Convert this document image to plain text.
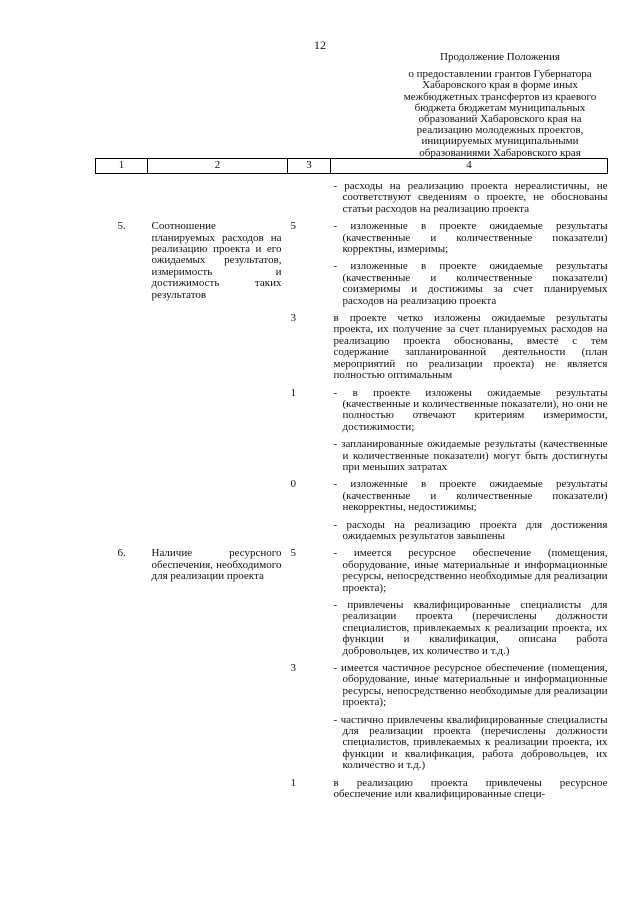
12
Продолжение Положения
о предоставлении грантов Губернатора
Хабаровского края в форме иных
межбюджетных трансфертов из краевого
бюджета бюджетам муниципальных
образований Хабаровского края на
реализацию молодежных проектов,
инициируемых муниципальными
образованиями Хабаровского края
1	2	3	4

			- расходы на реализацию проекта нереалистичны, не соответствуют сведениям о проекте, не обоснованы статьи расходов на реализацию проекта

5.	Соотношение планируемых расходов на реализацию проекта и его ожидаемых результатов, измеримость и достижимость таких результатов	5	- изложенные в проекте ожидаемые результаты (качественные и количественные показатели) корректны, измеримы;
- изложенные в проекте ожидаемые результаты (качественные и количественные показатели) соизмеримы и достижимы за счет планируемых расходов на реализацию проекта

		3	в проекте четко изложены ожидаемые результаты проекта, их получение за счет планируемых расходов на реализацию проекта обоснованы, вместе с тем содержание запланированной деятельности (план мероприятий по реализации проекта) не является полностью оптимальным

		1	- в проекте изложены ожидаемые результаты (качественные и количественные показатели), но они не полностью отвечают критериям измеримости, достижимости;
- запланированные ожидаемые результаты (качественные и количественные показатели) могут быть достигнуты при меньших затратах

		0	- изложенные в проекте ожидаемые результаты (качественные и количественные показатели) некорректны, недостижимы;
- расходы на реализацию проекта для достижения ожидаемых результатов завышены

6.	Наличие ресурсного обеспечения, необходимого для реализации проекта	5	- имеется ресурсное обеспечение (помещения, оборудование, иные материальные и информационные ресурсы, непосредственно необходимые для реализации проекта);
- привлечены квалифицированные специалисты для реализации проекта (перечислены должности специалистов, привлекаемых к реализации проекта, их функции и квалификация, описана работа добровольцев, их количество и т.д.)

		3	- имеется частичное ресурсное обеспечение (помещения, оборудование, иные материальные и информационные ресурсы, непосредственно необходимые для реализации проекта);
- частично привлечены квалифицированные специалисты для реализации проекта (перечислены должности специалистов, привлекаемых к реализации проекта, их функции и квалификация, работа добровольцев, их количество и т.д.)

		1	в реализацию проекта привлечены ресурсное обеспечение или квалифицированные специ-
